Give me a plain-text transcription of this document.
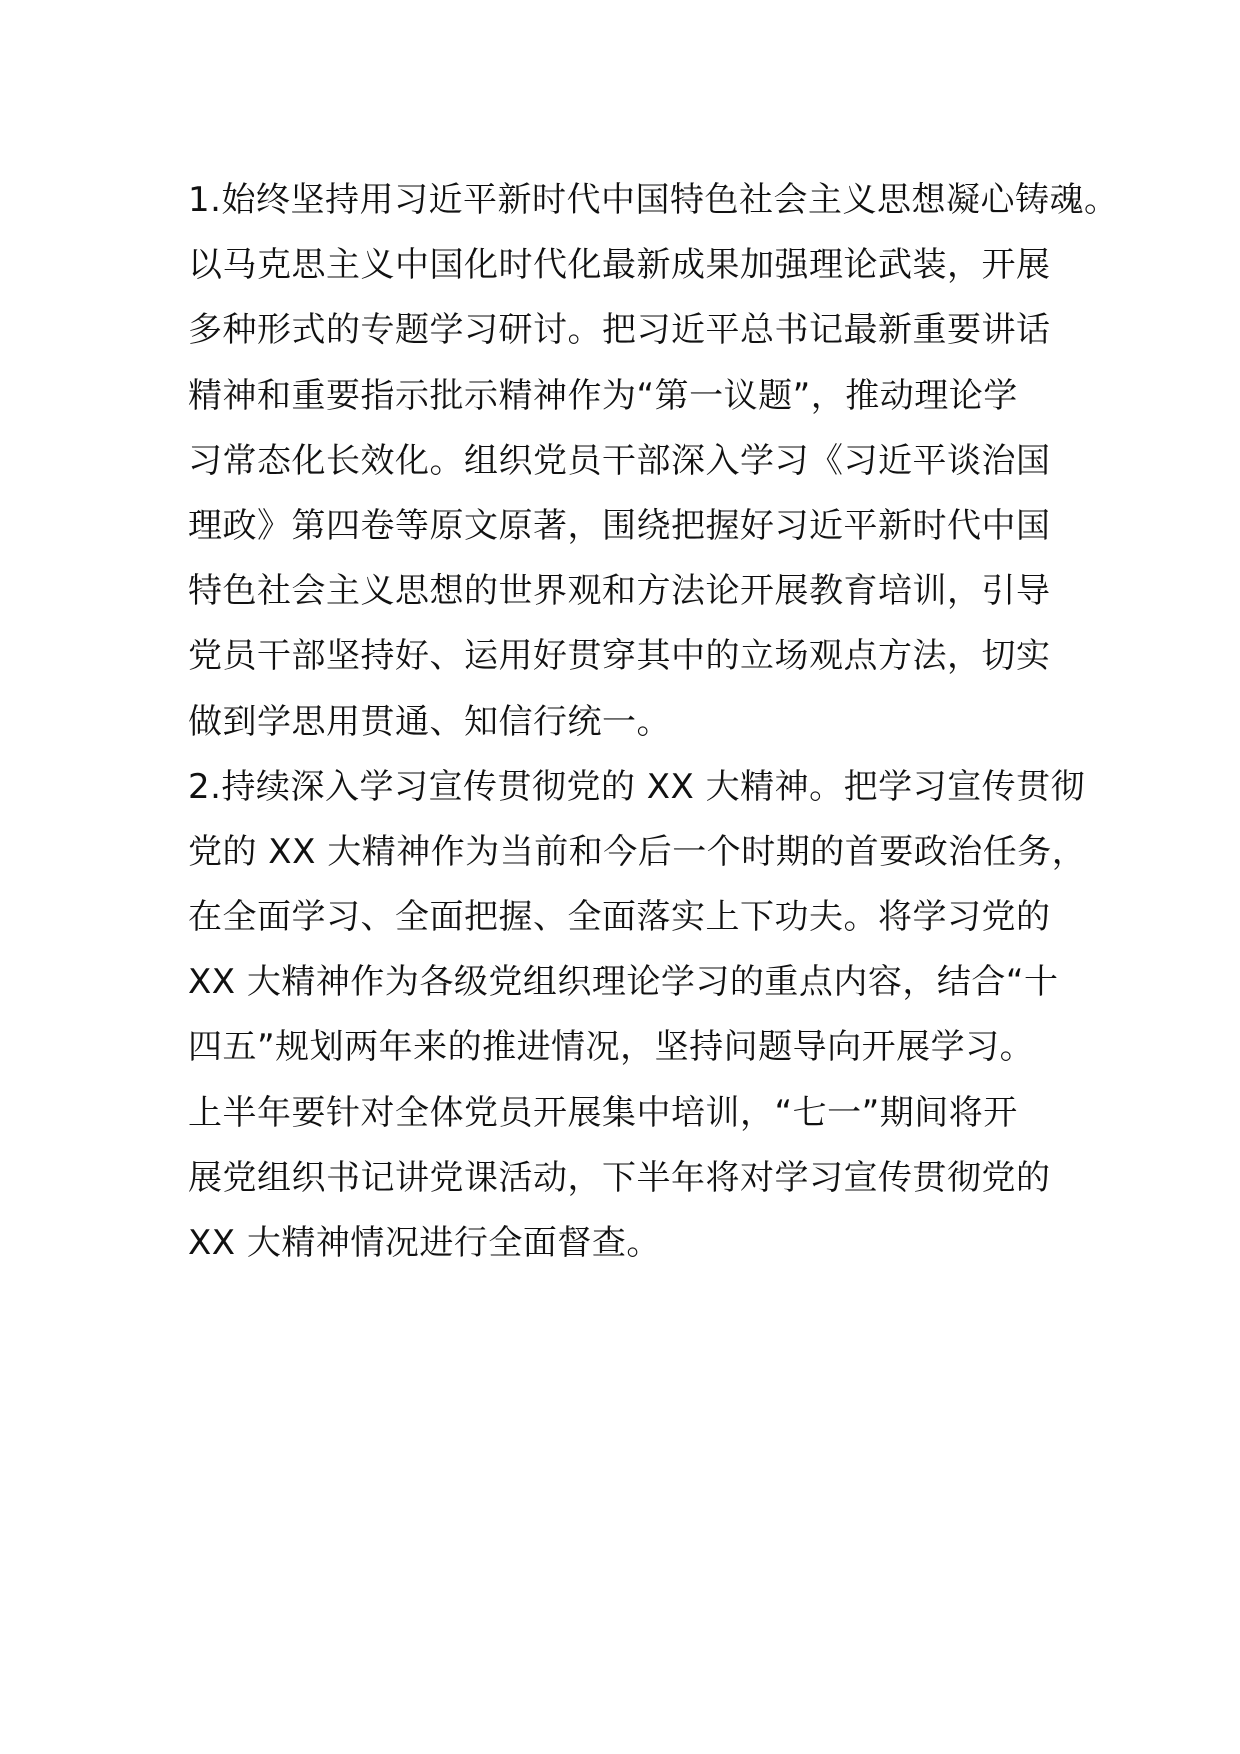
1.始终坚持用习近平新时代中国特色社会主义思想凝心铸魂。
以马克思主义中国化时代化最新成果加强理论武装，开展
多种形式的专题学习研讨。把习近平总书记最新重要讲话
精神和重要指示批示精神作为“第一议题”，推动理论学
习常态化长效化。组织党员干部深入学习《习近平谈治国
理政》第四卷等原文原著，围绕把握好习近平新时代中国
特色社会主义思想的世界观和方法论开展教育培训，引导
党员干部坚持好、运用好贯穿其中的立场观点方法，切实
做到学思用贯通、知信行统一。
2.持续深入学习宣传贯彻党的 XX 大精神。把学习宣传贯彻
党的 XX 大精神作为当前和今后一个时期的首要政治任务，
在全面学习、全面把握、全面落实上下功夫。将学习党的
XX 大精神作为各级党组织理论学习的重点内容，结合“十
四五”规划两年来的推进情况，坚持问题导向开展学习。
上半年要针对全体党员开展集中培训，“七一”期间将开
展党组织书记讲党课活动，下半年将对学习宣传贯彻党的
XX 大精神情况进行全面督查。
